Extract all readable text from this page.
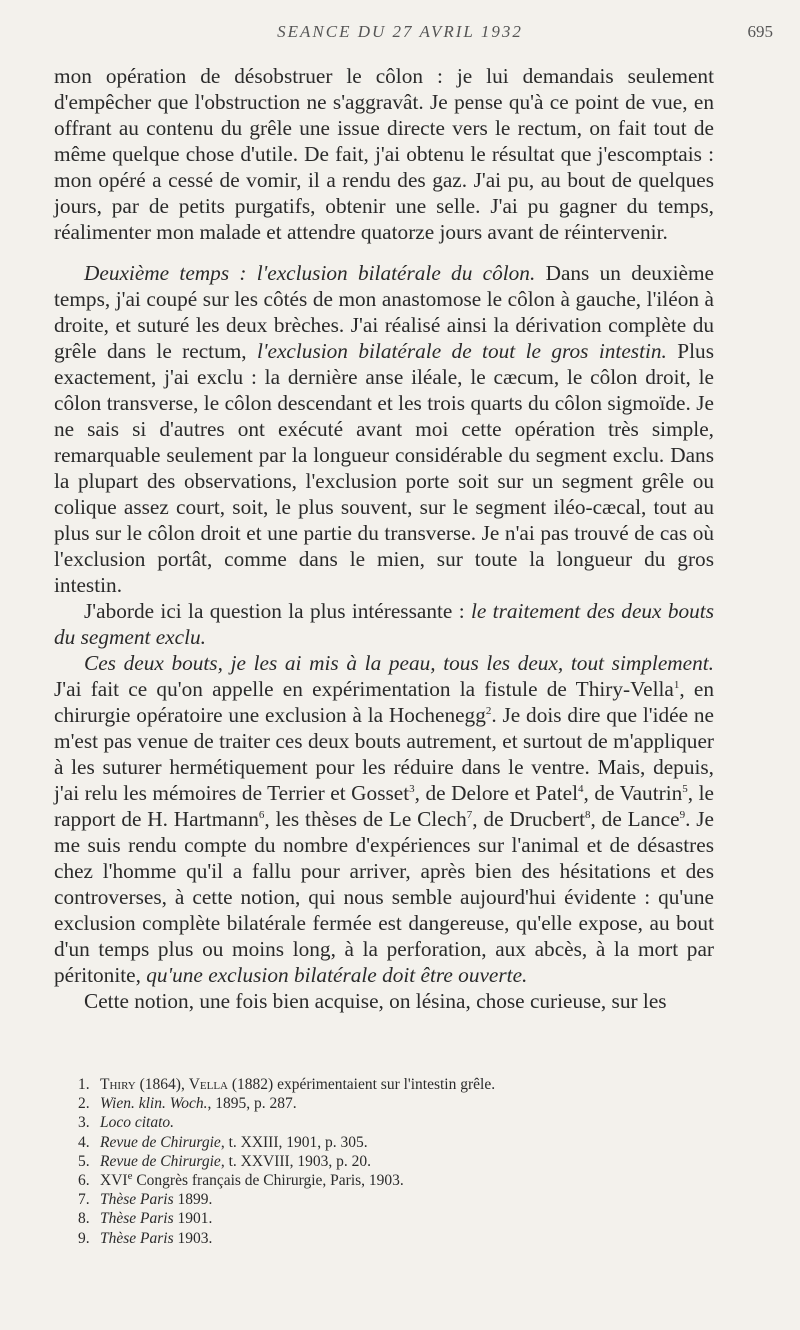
SEANCE DU 27 AVRIL 1932	695

mon opération de désobstruer le côlon : je lui demandais seulement d'empêcher que l'obstruction ne s'aggravât. Je pense qu'à ce point de vue, en offrant au contenu du grêle une issue directe vers le rectum, on fait tout de même quelque chose d'utile. De fait, j'ai obtenu le résultat que j'escomptais : mon opéré a cessé de vomir, il a rendu des gaz. J'ai pu, au bout de quelques jours, par de petits purgatifs, obtenir une selle. J'ai pu gagner du temps, réalimenter mon malade et attendre quatorze jours avant de réintervenir.

Deuxième temps : l'exclusion bilatérale du côlon. Dans un deuxième temps, j'ai coupé sur les côtés de mon anastomose le côlon à gauche, l'iléon à droite, et suturé les deux brèches. J'ai réalisé ainsi la dérivation complète du grêle dans le rectum, l'exclusion bilatérale de tout le gros intestin. Plus exactement, j'ai exclu : la dernière anse iléale, le cæcum, le côlon droit, le côlon transverse, le côlon descendant et les trois quarts du côlon sigmoïde. Je ne sais si d'autres ont exécuté avant moi cette opération très simple, remarquable seulement par la longueur considérable du segment exclu. Dans la plupart des observations, l'exclusion porte soit sur un segment grêle ou colique assez court, soit, le plus souvent, sur le segment iléo-cæcal, tout au plus sur le côlon droit et une partie du transverse. Je n'ai pas trouvé de cas où l'exclusion portât, comme dans le mien, sur toute la longueur du gros intestin.

J'aborde ici la question la plus intéressante : le traitement des deux bouts du segment exclu.

Ces deux bouts, je les ai mis à la peau, tous les deux, tout simplement. J'ai fait ce qu'on appelle en expérimentation la fistule de Thiry-Vella$^1$, en chirurgie opératoire une exclusion à la Hochenegg$^2$. Je dois dire que l'idée ne m'est pas venue de traiter ces deux bouts autrement, et surtout de m'appliquer à les suturer hermétiquement pour les réduire dans le ventre. Mais, depuis, j'ai relu les mémoires de Terrier et Gosset$^3$, de Delore et Patel$^4$, de Vautrin$^5$, le rapport de H. Hartmann$^6$, les thèses de Le Clech$^7$, de Drucbert$^8$, de Lance$^9$. Je me suis rendu compte du nombre d'expériences sur l'animal et de désastres chez l'homme qu'il a fallu pour arriver, après bien des hésitations et des controverses, à cette notion, qui nous semble aujourd'hui évidente : qu'une exclusion complète bilatérale fermée est dangereuse, qu'elle expose, au bout d'un temps plus ou moins long, à la perforation, aux abcès, à la mort par péritonite, qu'une exclusion bilatérale doit être ouverte.

Cette notion, une fois bien acquise, on lésina, chose curieuse, sur les

1. Thiry (1864), Vella (1882) expérimentaient sur l'intestin grêle.
2. Wien. klin. Woch., 1895, p. 287.
3. Loco citato.
4. Revue de Chirurgie, t. XXIII, 1901, p. 305.
5. Revue de Chirurgie, t. XXVIII, 1903, p. 20.
6. XVIe Congrès français de Chirurgie, Paris, 1903.
7. Thèse Paris 1899.
8. Thèse Paris 1901.
9. Thèse Paris 1903.
